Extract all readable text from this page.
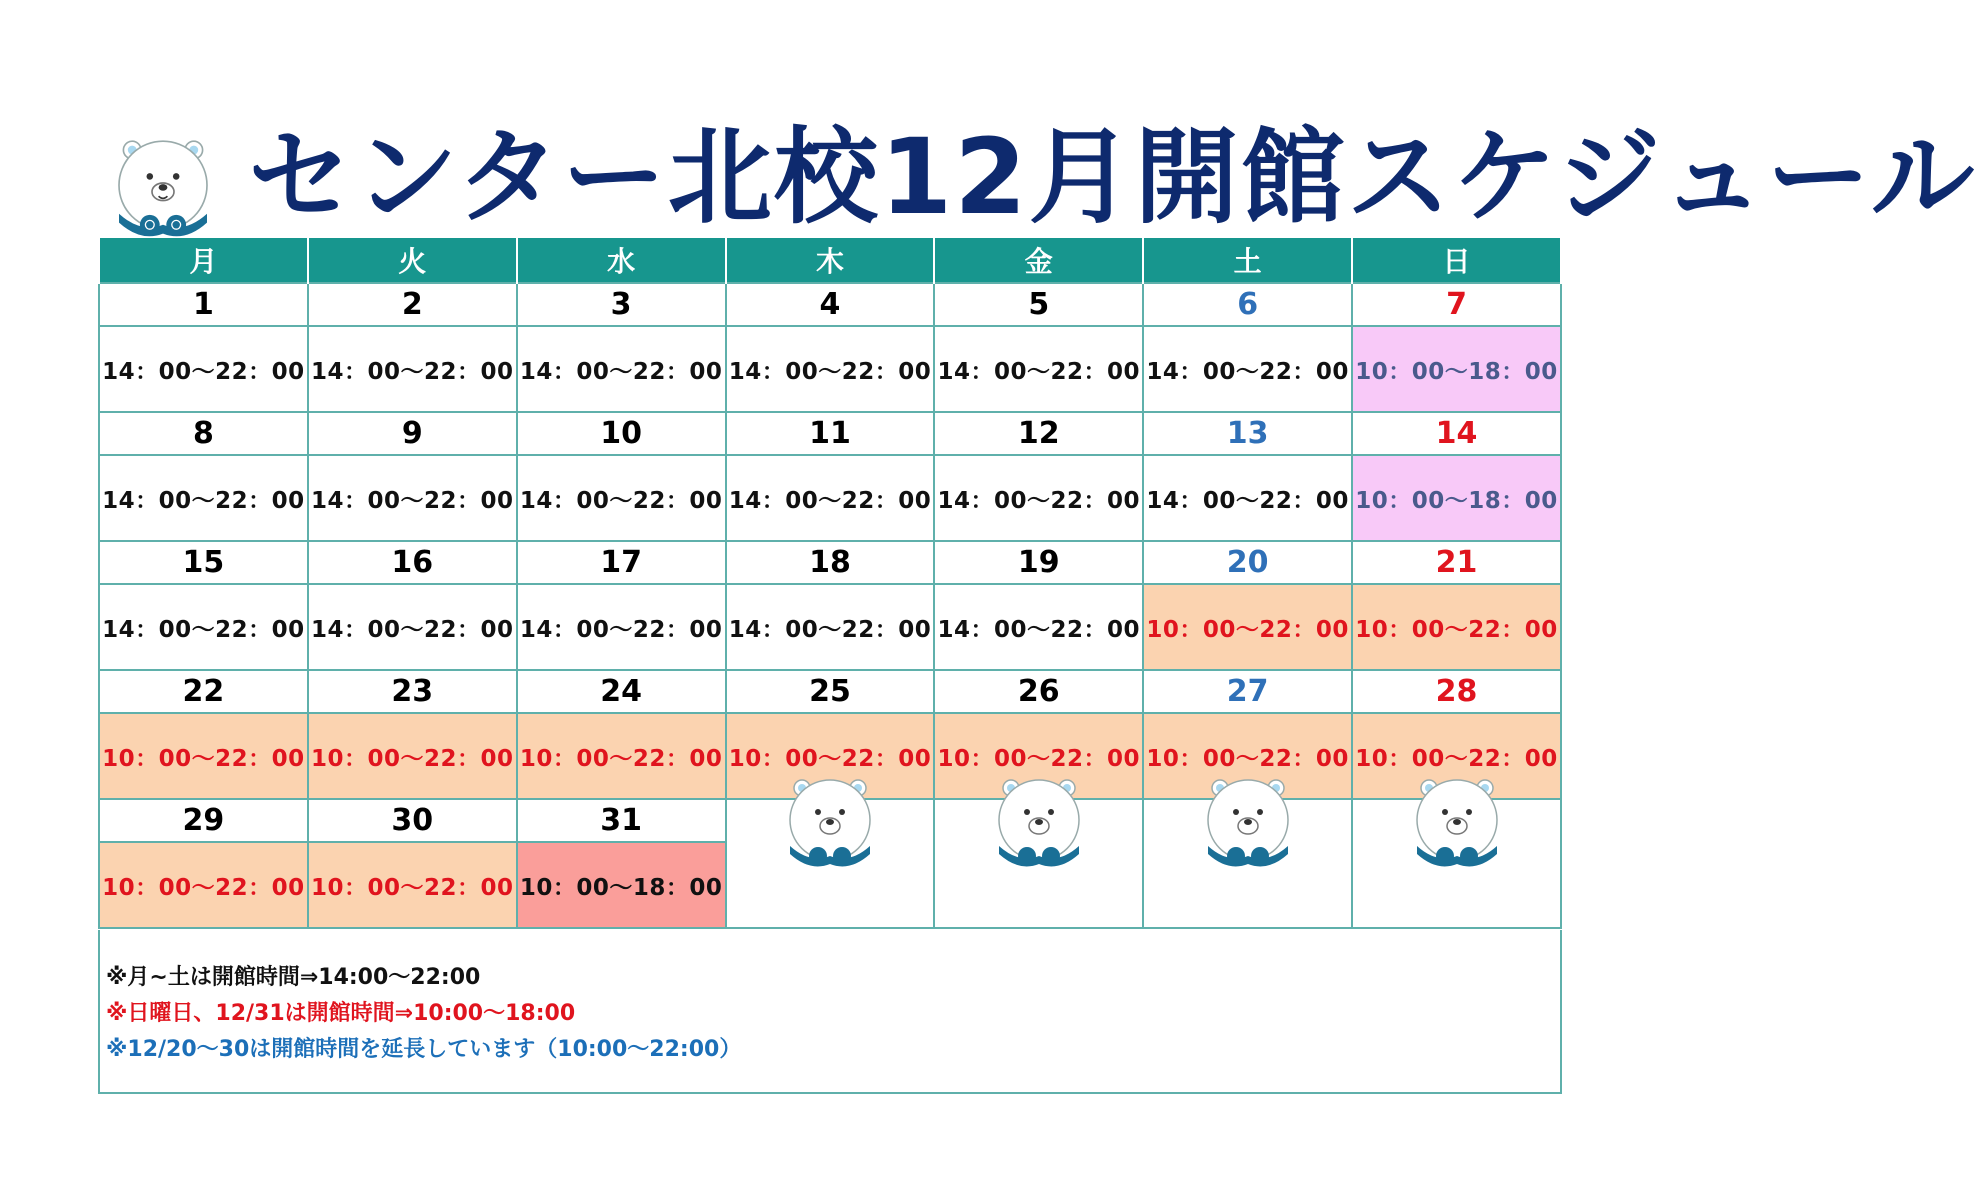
センター北校12月開館スケジュール
月	火	水	木	金	土	日
1	2	3	4	5	6	7
14：00〜22：00	14：00〜22：00	14：00〜22：00	14：00〜22：00	14：00〜22：00	14：00〜22：00	10：00〜18：00
8	9	10	11	12	13	14
14：00〜22：00	14：00〜22：00	14：00〜22：00	14：00〜22：00	14：00〜22：00	14：00〜22：00	10：00〜18：00
15	16	17	18	19	20	21
14：00〜22：00	14：00〜22：00	14：00〜22：00	14：00〜22：00	14：00〜22：00	10：00〜22：00	10：00〜22：00
22	23	24	25	26	27	28
10：00〜22：00	10：00〜22：00	10：00〜22：00	10：00〜22：00	10：00〜22：00	10：00〜22：00	10：00〜22：00
29	30	31	

10：00〜22：00	10：00〜22：00	10：00〜18：00				
※月~土は開館時間⇒14:00〜22:00
※日曜日、12/31は開館時間⇒10:00〜18:00
※12/20〜30は開館時間を延長しています（10:00〜22:00）
